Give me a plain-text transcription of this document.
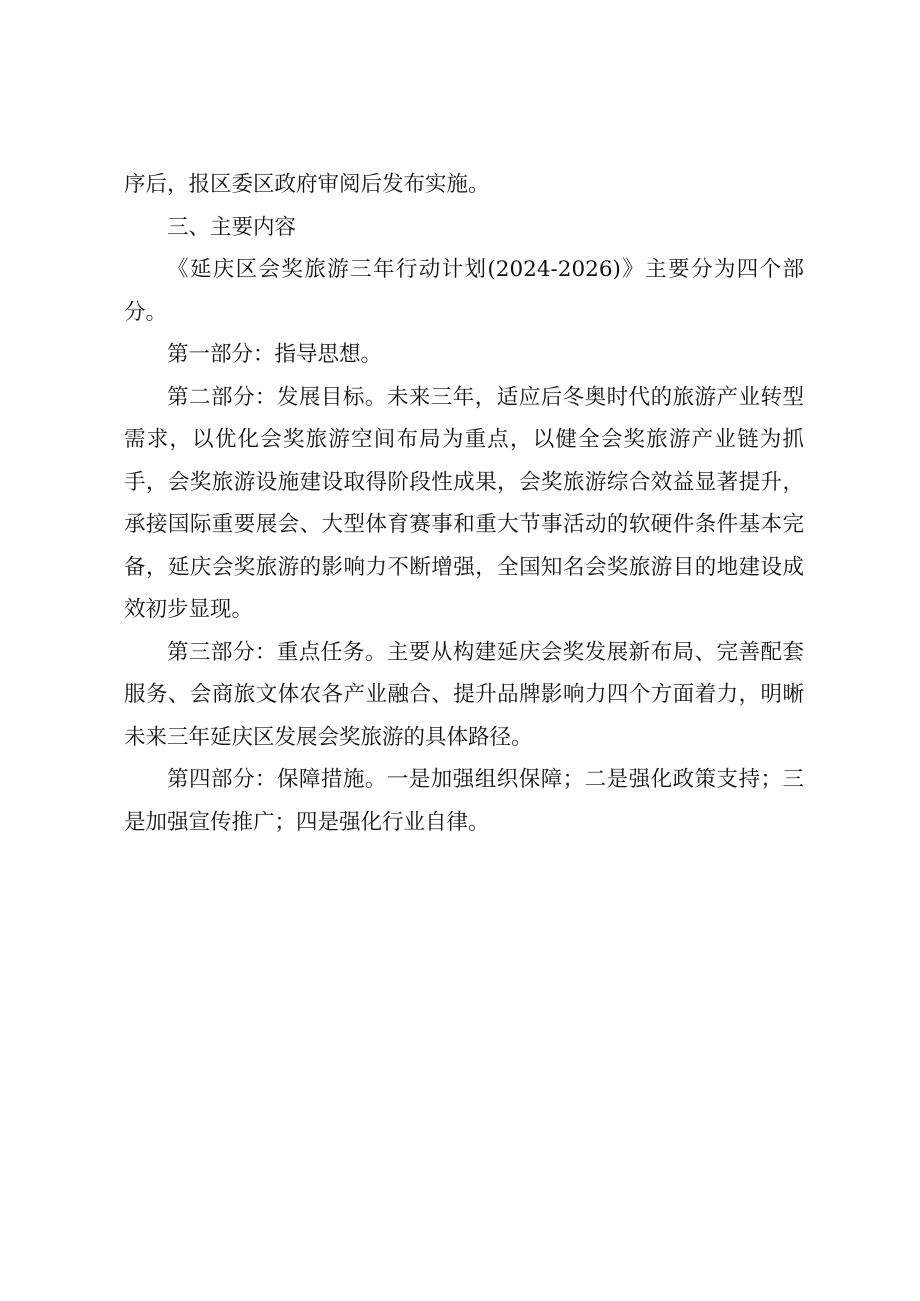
序后，报区委区政府审阅后发布实施。

三、主要内容

《延庆区会奖旅游三年行动计划(2024-2026)》主要分为四个部分。

第一部分：指导思想。

第二部分：发展目标。未来三年，适应后冬奥时代的旅游产业转型需求，以优化会奖旅游空间布局为重点，以健全会奖旅游产业链为抓手，会奖旅游设施建设取得阶段性成果，会奖旅游综合效益显著提升，承接国际重要展会、大型体育赛事和重大节事活动的软硬件条件基本完备，延庆会奖旅游的影响力不断增强，全国知名会奖旅游目的地建设成效初步显现。

第三部分：重点任务。主要从构建延庆会奖发展新布局、完善配套服务、会商旅文体农各产业融合、提升品牌影响力四个方面着力，明晰未来三年延庆区发展会奖旅游的具体路径。

第四部分：保障措施。一是加强组织保障；二是强化政策支持；三是加强宣传推广；四是强化行业自律。
